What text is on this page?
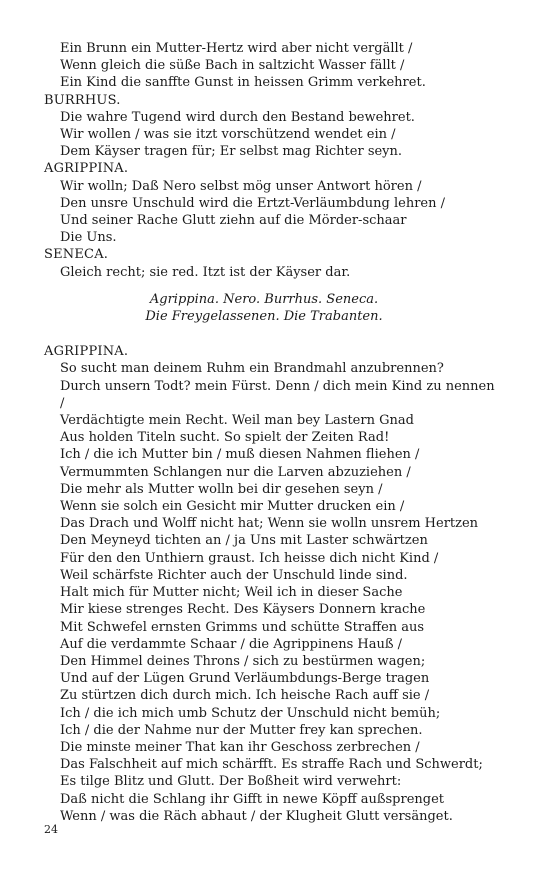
Ein Brunn ein Mutter-Hertz wird aber nicht vergällt /
Wenn gleich die süße Bach in saltzicht Wasser fällt /
Ein Kind die sanffte Gunst in heissen Grimm verkehret.
BURRHUS.
Die wahre Tugend wird durch den Bestand bewehret.
Wir wollen / was sie itzt vorschützend wendet ein /
Dem Käyser tragen für; Er selbst mag Richter seyn.
AGRIPPINA.
Wir wolln; Daß Nero selbst mög unser Antwort hören /
Den unsre Unschuld wird die Ertzt-Verläumbdung lehren /
Und seiner Rache Glutt ziehn auf die Mörder-schaar
Die Uns.
SENECA.
Gleich recht; sie red. Itzt ist der Käyser dar.
Agrippina. Nero. Burrhus. Seneca.
Die Freygelassenen. Die Trabanten.
AGRIPPINA.
So sucht man deinem Ruhm ein Brandmahl anzubrennen?
Durch unsern Todt? mein Fürst. Denn / dich mein Kind zu nennen
/
Verdächtigte mein Recht. Weil man bey Lastern Gnad
Aus holden Titeln sucht. So spielt der Zeiten Rad!
Ich / die ich Mutter bin / muß diesen Nahmen fliehen /
Vermummten Schlangen nur die Larven abzuziehen /
Die mehr als Mutter wolln bei dir gesehen seyn /
Wenn sie solch ein Gesicht mir Mutter drucken ein /
Das Drach und Wolff nicht hat; Wenn sie wolln unsrem Hertzen
Den Meyneyd tichten an / ja Uns mit Laster schwärtzen
Für den den Unthiern graust. Ich heisse dich nicht Kind /
Weil schärfste Richter auch der Unschuld linde sind.
Halt mich für Mutter nicht; Weil ich in dieser Sache
Mir kiese strenges Recht. Des Käysers Donnern krache
Mit Schwefel ernsten Grimms und schütte Straffen aus
Auf die verdammte Schaar / die Agrippinens Hauß /
Den Himmel deines Throns / sich zu bestürmen wagen;
Und auf der Lügen Grund Verläumbdungs-Berge tragen
Zu stürtzen dich durch mich. Ich heische Rach auff sie /
Ich / die ich mich umb Schutz der Unschuld nicht bemüh;
Ich / die der Nahme nur der Mutter frey kan sprechen.
Die minste meiner That kan ihr Geschoss zerbrechen /
Das Falschheit auf mich schärfft. Es straffe Rach und Schwerdt;
Es tilge Blitz und Glutt. Der Boßheit wird verwehrt:
Daß nicht die Schlang ihr Gifft in newe Köpff außsprenget
Wenn / was die Räch abhaut / der Klugheit Glutt versänget.
24
